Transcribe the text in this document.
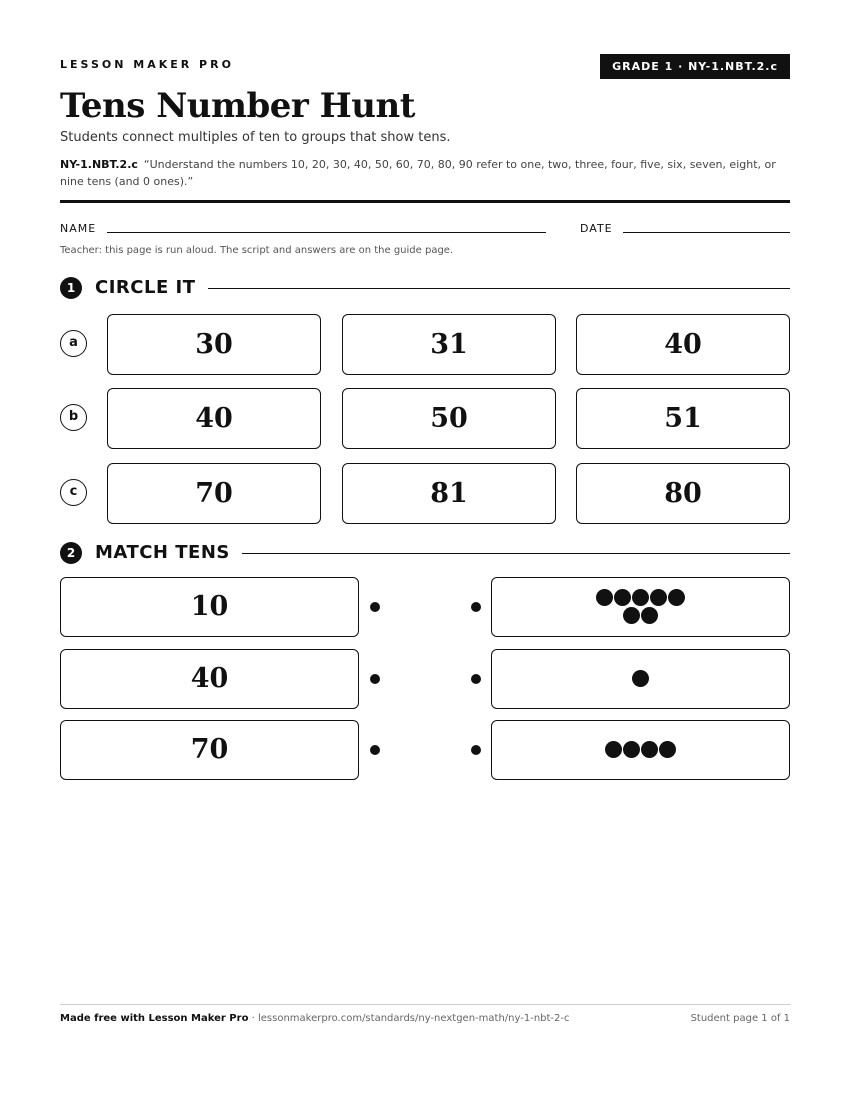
LESSON MAKER PRO	GRADE 1 · NY-1.NBT.2.c
Tens Number Hunt
Students connect multiples of ten to groups that show tens.
NY-1.NBT.2.c “Understand the numbers 10, 20, 30, 40, 50, 60, 70, 80, 90 refer to one, two, three, four, five, six, seven, eight, or nine tens (and 0 ones).”
NAME	DATE
Teacher: this page is run aloud. The script and answers are on the guide page.
1	CIRCLE IT
a	30	31	40
b	40	50	51
c	70	81	80
2	MATCH TENS
10
40
70
Made free with Lesson Maker Pro · lessonmakerpro.com/standards/ny-nextgen-math/ny-1-nbt-2-c	Student page 1 of 1
